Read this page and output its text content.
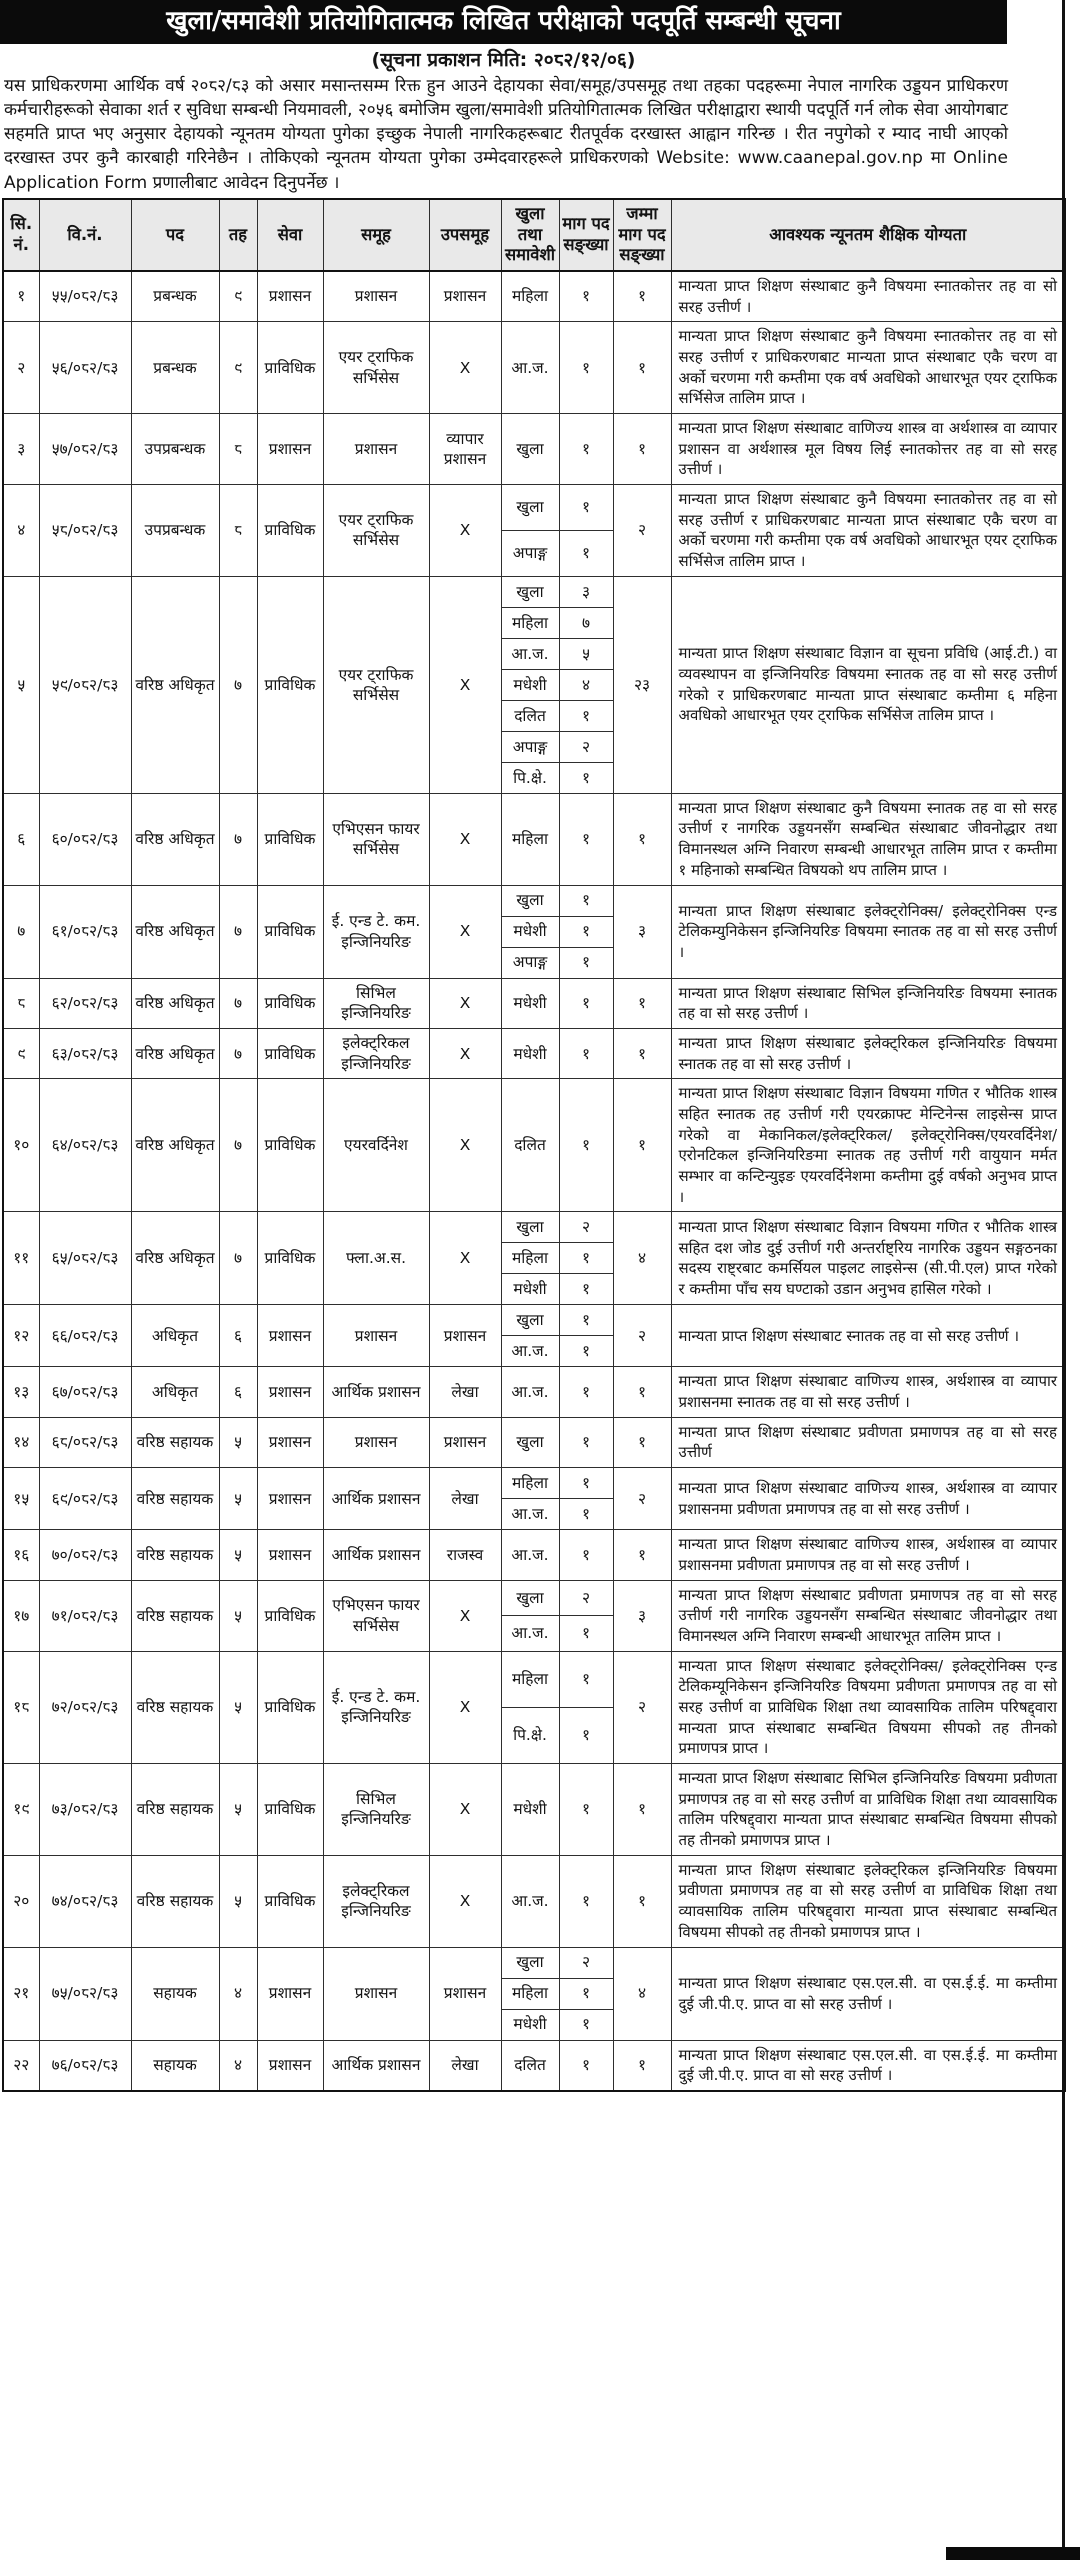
खुला/समावेशी प्रतियोगितात्मक लिखित परीक्षाको पदपूर्ति सम्बन्धी सूचना
(सूचना प्रकाशन मिति: २०८२/१२/०६)
यस प्राधिकरणमा आर्थिक वर्ष २०८२/८३ को असार मसान्तसम्म रिक्त हुन आउने देहायका सेवा/समूह/उपसमूह तथा तहका पदहरूमा नेपाल नागरिक उड्डयन प्राधिकरण कर्मचारीहरूको सेवाका शर्त र सुविधा सम्बन्धी नियमावली, २०५६ बमोजिम खुला/समावेशी प्रतियोगितात्मक लिखित परीक्षाद्वारा स्थायी पदपूर्ति गर्न लोक सेवा आयोगबाट सहमति प्राप्त भए अनुसार देहायको न्यूनतम योग्यता पुगेका इच्छुक नेपाली नागरिकहरूबाट रीतपूर्वक दरखास्त आह्वान गरिन्छ । रीत नपुगेको र म्याद नाघी आएको दरखास्त उपर कुनै कारबाही गरिनेछैन । तोकिएको न्यूनतम योग्यता पुगेका उम्मेदवारहरूले प्राधिकरणको Website: www.caanepal.gov.np मा Online Application Form प्रणालीबाट आवेदन दिनुपर्नेछ ।
सि.नं.	वि.नं.	पद	तह	सेवा	समूह	उपसमूह	खुला तथा समावेशी	माग पद सङ्ख्या	जम्मा माग पद सङ्ख्या	आवश्यक न्यूनतम शैक्षिक योग्यता
१	५५/०८२/८३	प्रबन्धक	९	प्रशासन	प्रशासन	प्रशासन	महिला	१	१	मान्यता प्राप्त शिक्षण संस्थाबाट कुनै विषयमा स्नातकोत्तर तह वा सो सरह उत्तीर्ण ।
२	५६/०८२/८३	प्रबन्धक	९	प्राविधिक	एयर ट्राफिक सर्भिसेस	X	आ.ज.	१	१	मान्यता प्राप्त शिक्षण संस्थाबाट कुनै विषयमा स्नातकोत्तर तह वा सो सरह उत्तीर्ण र प्राधिकरणबाट मान्यता प्राप्त संस्थाबाट एकै चरण वा अर्को चरणमा गरी कम्तीमा एक वर्ष अवधिको आधारभूत एयर ट्राफिक सर्भिसेज तालिम प्राप्त ।
३	५७/०८२/८३	उपप्रबन्धक	८	प्रशासन	प्रशासन	व्यापार प्रशासन	खुला	१	१	मान्यता प्राप्त शिक्षण संस्थाबाट वाणिज्य शास्त्र वा अर्थशास्त्र वा व्यापार प्रशासन वा अर्थशास्त्र मूल विषय लिई स्नातकोत्तर तह वा सो सरह उत्तीर्ण ।
४	५८/०८२/८३	उपप्रबन्धक	८	प्राविधिक	एयर ट्राफिक सर्भिसेस	X	खुला	१	२	मान्यता प्राप्त शिक्षण संस्थाबाट कुनै विषयमा स्नातकोत्तर तह वा सो सरह उत्तीर्ण र प्राधिकरणबाट मान्यता प्राप्त संस्थाबाट एकै चरण वा अर्को चरणमा गरी कम्तीमा एक वर्ष अवधिको आधारभूत एयर ट्राफिक सर्भिसेज तालिम प्राप्त ।
							अपाङ्ग	१		
५	५९/०८२/८३	वरिष्ठ अधिकृत	७	प्राविधिक	एयर ट्राफिक सर्भिसेस	X	खुला	३	२३	मान्यता प्राप्त शिक्षण संस्थाबाट विज्ञान वा सूचना प्रविधि (आई.टी.) वा व्यवस्थापन वा इन्जिनियरिङ विषयमा स्नातक तह वा सो सरह उत्तीर्ण गरेको र प्राधिकरणबाट मान्यता प्राप्त संस्थाबाट कम्तीमा ६ महिना अवधिको आधारभूत एयर ट्राफिक सर्भिसेज तालिम प्राप्त ।
							महिला	७		
							आ.ज.	५		
							मधेशी	४		
							दलित	१		
							अपाङ्ग	२		
							पि.क्षे.	१		
६	६०/०८२/८३	वरिष्ठ अधिकृत	७	प्राविधिक	एभिएसन फायर सर्भिसेस	X	महिला	१	१	मान्यता प्राप्त शिक्षण संस्थाबाट कुनै विषयमा स्नातक तह वा सो सरह उत्तीर्ण र नागरिक उड्डयनसँग सम्बन्धित संस्थाबाट जीवनोद्धार तथा विमानस्थल अग्नि निवारण सम्बन्धी आधारभूत तालिम प्राप्त र कम्तीमा १ महिनाको सम्बन्धित विषयको थप तालिम प्राप्त ।
७	६१/०८२/८३	वरिष्ठ अधिकृत	७	प्राविधिक	ई. एन्ड टे. कम. इन्जिनियरिङ	X	खुला	१	३	मान्यता प्राप्त शिक्षण संस्थाबाट इलेक्ट्रोनिक्स/ इलेक्ट्रोनिक्स एन्ड टेलिकम्युनिकेसन इन्जिनियरिङ विषयमा स्नातक तह वा सो सरह उत्तीर्ण ।
							मधेशी	१		
							अपाङ्ग	१		
८	६२/०८२/८३	वरिष्ठ अधिकृत	७	प्राविधिक	सिभिल इन्जिनियरिङ	X	मधेशी	१	१	मान्यता प्राप्त शिक्षण संस्थाबाट सिभिल इन्जिनियरिङ विषयमा स्नातक तह वा सो सरह उत्तीर्ण ।
९	६३/०८२/८३	वरिष्ठ अधिकृत	७	प्राविधिक	इलेक्ट्रिकल इन्जिनियरिङ	X	मधेशी	१	१	मान्यता प्राप्त शिक्षण संस्थाबाट इलेक्ट्रिकल इन्जिनियरिङ विषयमा स्नातक तह वा सो सरह उत्तीर्ण ।
१०	६४/०८२/८३	वरिष्ठ अधिकृत	७	प्राविधिक	एयरवर्दिनेश	X	दलित	१	१	मान्यता प्राप्त शिक्षण संस्थाबाट विज्ञान विषयमा गणित र भौतिक शास्त्र सहित स्नातक तह उत्तीर्ण गरी एयरक्राफ्ट मेन्टिनेन्स लाइसेन्स प्राप्त गरेको वा मेकानिकल/इलेक्ट्रिकल/ इलेक्ट्रोनिक्स/एयरवर्दिनेश/एरोनटिकल इन्जिनियरिङमा स्नातक तह उत्तीर्ण गरी वायुयान मर्मत सम्भार वा कन्टिन्युइङ एयरवर्दिनेशमा कम्तीमा दुई वर्षको अनुभव प्राप्त ।
११	६५/०८२/८३	वरिष्ठ अधिकृत	७	प्राविधिक	फ्ला.अ.स.	X	खुला	२	४	मान्यता प्राप्त शिक्षण संस्थाबाट विज्ञान विषयमा गणित र भौतिक शास्त्र सहित दश जोड दुई उत्तीर्ण गरी अन्तर्राष्ट्रिय नागरिक उड्डयन सङ्गठनका सदस्य राष्ट्रबाट कमर्सियल पाइलट लाइसेन्स (सी.पी.एल) प्राप्त गरेको र कम्तीमा पाँच सय घण्टाको उडान अनुभव हासिल गरेको ।
							महिला	१		
							मधेशी	१		
१२	६६/०८२/८३	अधिकृत	६	प्रशासन	प्रशासन	प्रशासन	खुला	१	२	मान्यता प्राप्त शिक्षण संस्थाबाट स्नातक तह वा सो सरह उत्तीर्ण ।
							आ.ज.	१		
१३	६७/०८२/८३	अधिकृत	६	प्रशासन	आर्थिक प्रशासन	लेखा	आ.ज.	१	१	मान्यता प्राप्त शिक्षण संस्थाबाट वाणिज्य शास्त्र, अर्थशास्त्र वा व्यापार प्रशासनमा स्नातक तह वा सो सरह उत्तीर्ण ।
१४	६८/०८२/८३	वरिष्ठ सहायक	५	प्रशासन	प्रशासन	प्रशासन	खुला	१	१	मान्यता प्राप्त शिक्षण संस्थाबाट प्रवीणता प्रमाणपत्र तह वा सो सरह उत्तीर्ण
१५	६९/०८२/८३	वरिष्ठ सहायक	५	प्रशासन	आर्थिक प्रशासन	लेखा	महिला	१	२	मान्यता प्राप्त शिक्षण संस्थाबाट वाणिज्य शास्त्र, अर्थशास्त्र वा व्यापार प्रशासनमा प्रवीणता प्रमाणपत्र तह वा सो सरह उत्तीर्ण ।
							आ.ज.	१		
१६	७०/०८२/८३	वरिष्ठ सहायक	५	प्रशासन	आर्थिक प्रशासन	राजस्व	आ.ज.	१	१	मान्यता प्राप्त शिक्षण संस्थाबाट वाणिज्य शास्त्र, अर्थशास्त्र वा व्यापार प्रशासनमा प्रवीणता प्रमाणपत्र तह वा सो सरह उत्तीर्ण ।
१७	७१/०८२/८३	वरिष्ठ सहायक	५	प्राविधिक	एभिएसन फायर सर्भिसेस	X	खुला	२	३	मान्यता प्राप्त शिक्षण संस्थाबाट प्रवीणता प्रमाणपत्र तह वा सो सरह उत्तीर्ण गरी नागरिक उड्डयनसँग सम्बन्धित संस्थाबाट जीवनोद्धार तथा विमानस्थल अग्नि निवारण सम्बन्धी आधारभूत तालिम प्राप्त ।
							आ.ज.	१		
१८	७२/०८२/८३	वरिष्ठ सहायक	५	प्राविधिक	ई. एन्ड टे. कम. इन्जिनियरिङ	X	महिला	१	२	मान्यता प्राप्त शिक्षण संस्थाबाट इलेक्ट्रोनिक्स/ इलेक्ट्रोनिक्स एन्ड टेलिकम्यूनिकेसन इन्जिनियरिङ विषयमा प्रवीणता प्रमाणपत्र तह वा सो सरह उत्तीर्ण वा प्राविधिक शिक्षा तथा व्यावसायिक तालिम परिषद्द्वारा मान्यता प्राप्त संस्थाबाट सम्बन्धित विषयमा सीपको तह तीनको प्रमाणपत्र प्राप्त ।
							पि.क्षे.	१		
१९	७३/०८२/८३	वरिष्ठ सहायक	५	प्राविधिक	सिभिल इन्जिनियरिङ	X	मधेशी	१	१	मान्यता प्राप्त शिक्षण संस्थाबाट सिभिल इन्जिनियरिङ विषयमा प्रवीणता प्रमाणपत्र तह वा सो सरह उत्तीर्ण वा प्राविधिक शिक्षा तथा व्यावसायिक तालिम परिषद्द्वारा मान्यता प्राप्त संस्थाबाट सम्बन्धित विषयमा सीपको तह तीनको प्रमाणपत्र प्राप्त ।
२०	७४/०८२/८३	वरिष्ठ सहायक	५	प्राविधिक	इलेक्ट्रिकल इन्जिनियरिङ	X	आ.ज.	१	१	मान्यता प्राप्त शिक्षण संस्थाबाट इलेक्ट्रिकल इन्जिनियरिङ विषयमा प्रवीणता प्रमाणपत्र तह वा सो सरह उत्तीर्ण वा प्राविधिक शिक्षा तथा व्यावसायिक तालिम परिषद्द्वारा मान्यता प्राप्त संस्थाबाट सम्बन्धित विषयमा सीपको तह तीनको प्रमाणपत्र प्राप्त ।
२१	७५/०८२/८३	सहायक	४	प्रशासन	प्रशासन	प्रशासन	खुला	२	४	मान्यता प्राप्त शिक्षण संस्थाबाट एस.एल.सी. वा एस.ई.ई. मा कम्तीमा दुई जी.पी.ए. प्राप्त वा सो सरह उत्तीर्ण ।
							महिला	१		
							मधेशी	१		
२२	७६/०८२/८३	सहायक	४	प्रशासन	आर्थिक प्रशासन	लेखा	दलित	१	१	मान्यता प्राप्त शिक्षण संस्थाबाट एस.एल.सी. वा एस.ई.ई. मा कम्तीमा दुई जी.पी.ए. प्राप्त वा सो सरह उत्तीर्ण ।
